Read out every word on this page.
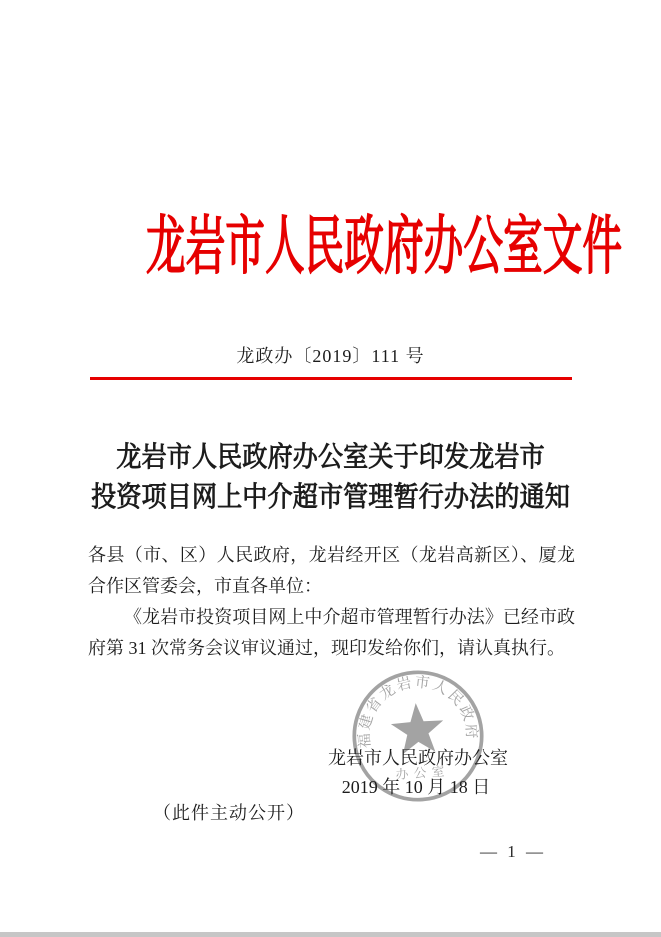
龙岩市人民政府办公室文件
龙政办〔2019〕111 号
龙岩市人民政府办公室关于印发龙岩市
投资项目网上中介超市管理暂行办法的通知

各县（市、区）人民政府，龙岩经开区（龙岩高新区）、厦龙合作区管委会，市直各单位：

《龙岩市投资项目网上中介超市管理暂行办法》已经市政府第 31 次常务会议审议通过，现印发给你们，请认真执行。

福建省龙岩市人民政府
办公室
龙岩市人民政府办公室
2019 年 10 月 18 日
（此件主动公开）
— 1 —
